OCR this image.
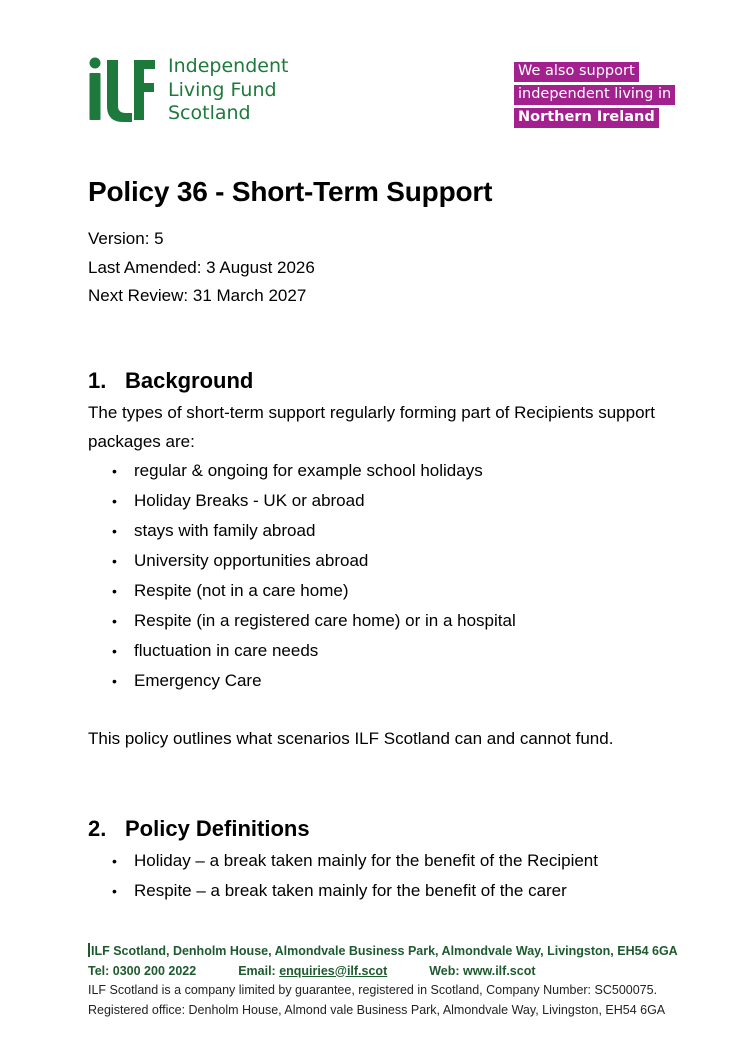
Independent
Living Fund
Scotland
We also support
independent living in
Northern Ireland
Policy 36 - Short-Term Support
Version: 5
Last Amended: 3 August 2026
Next Review: 31 March 2027
1. Background

The types of short-term support regularly forming part of Recipients support packages are:

• regular & ongoing for example school holidays
• Holiday Breaks - UK or abroad
• stays with family abroad
• University opportunities abroad
• Respite (not in a care home)
• Respite (in a registered care home) or in a hospital
• fluctuation in care needs
• Emergency Care

This policy outlines what scenarios ILF Scotland can and cannot fund.

2. Policy Definitions
• Holiday – a break taken mainly for the benefit of the Recipient
• Respite – a break taken mainly for the benefit of the carer
ILF Scotland, Denholm House, Almondvale Business Park, Almondvale Way, Livingston, EH54 6GA
Tel: 0300 200 2022	Email: enquiries@ilf.scot	Web: www.ilf.scot
ILF Scotland is a company limited by guarantee, registered in Scotland, Company Number: SC500075.
Registered office: Denholm House, Almond vale Business Park, Almondvale Way, Livingston, EH54 6GA
